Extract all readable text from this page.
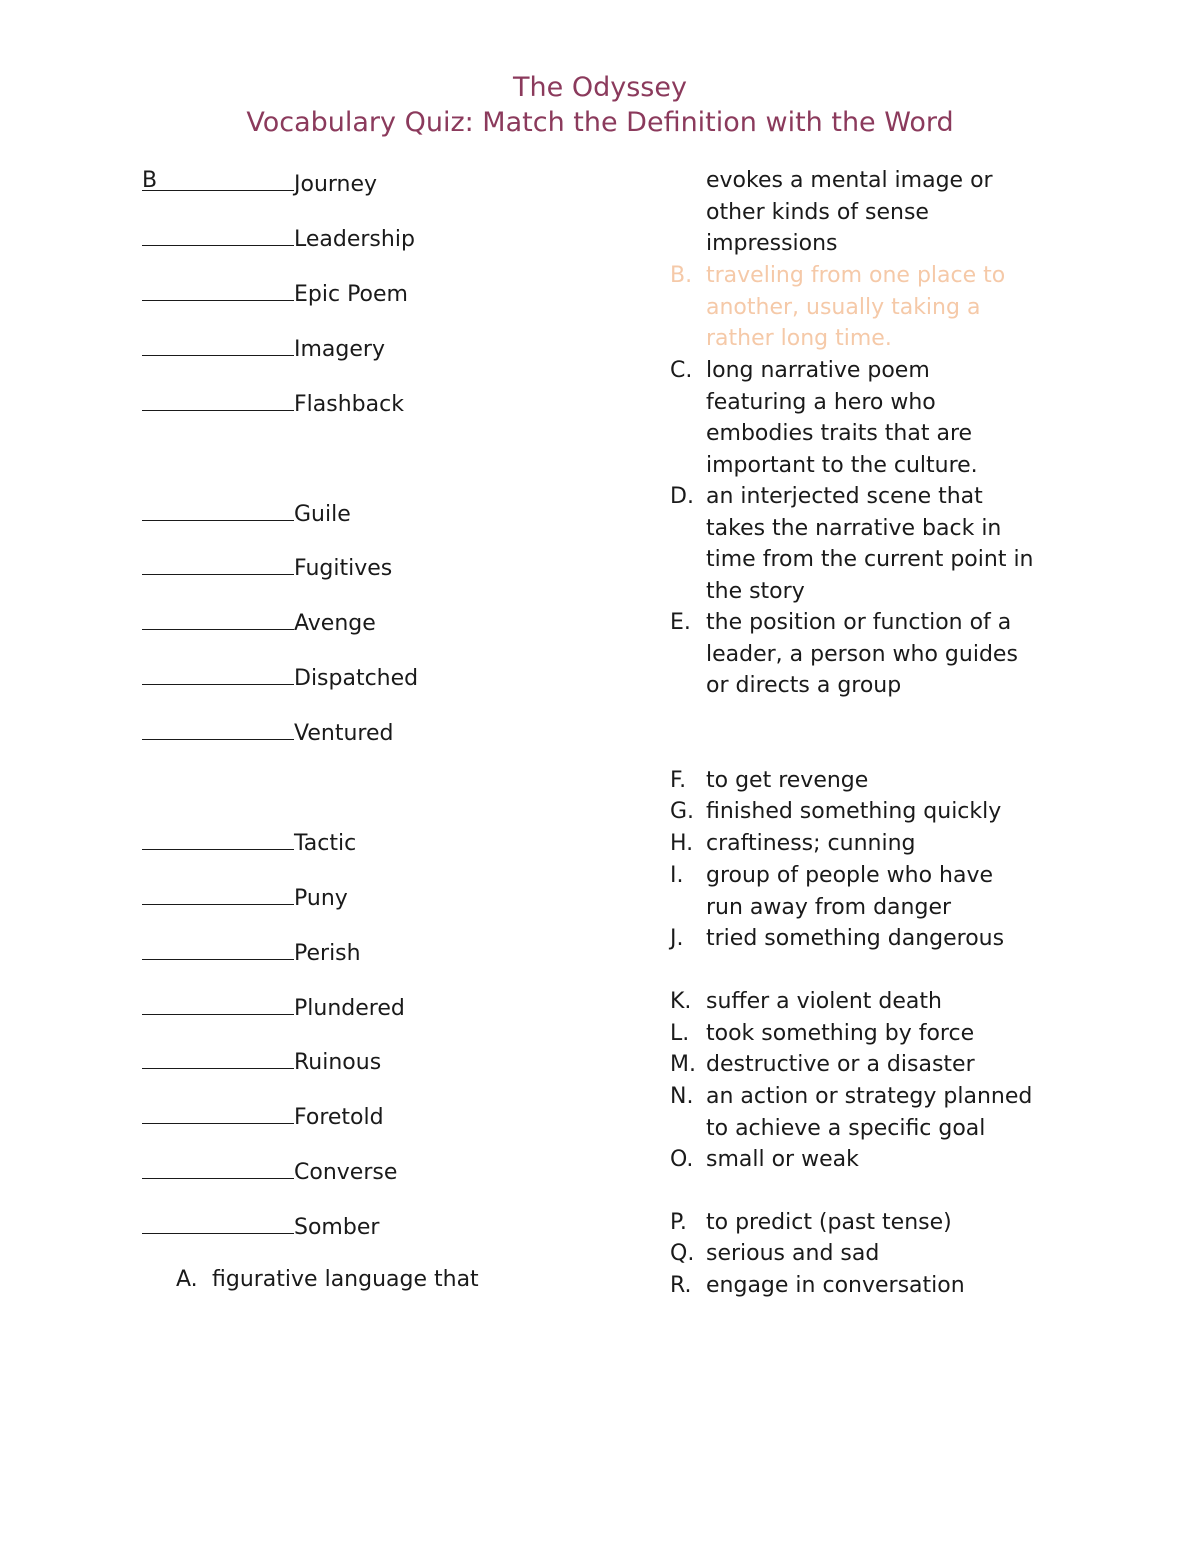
The Odyssey
Vocabulary Quiz: Match the Definition with the Word
B	Journey
Leadership
Epic Poem
Imagery
Flashback
Guile
Fugitives
Avenge
Dispatched
Ventured
Tactic
Puny
Perish
Plundered
Ruinous
Foretold
Converse
Somber
A. figurative language that
evokes a mental image or
other kinds of sense
impressions
B. traveling from one place to
another, usually taking a
rather long time.
C. long narrative poem
featuring a hero who
embodies traits that are
important to the culture.
D. an interjected scene that
takes the narrative back in
time from the current point in
the story
E. the position or function of a
leader, a person who guides
or directs a group
F. to get revenge
G. finished something quickly
H. craftiness; cunning
I.	group of people who have
run away from danger
J.	tried something dangerous
K. suffer a violent death
L. took something by force
M. destructive or a disaster
N. an action or strategy planned
to achieve a specific goal
O. small or weak
P. to predict (past tense)
Q. serious and sad
R. engage in conversation
